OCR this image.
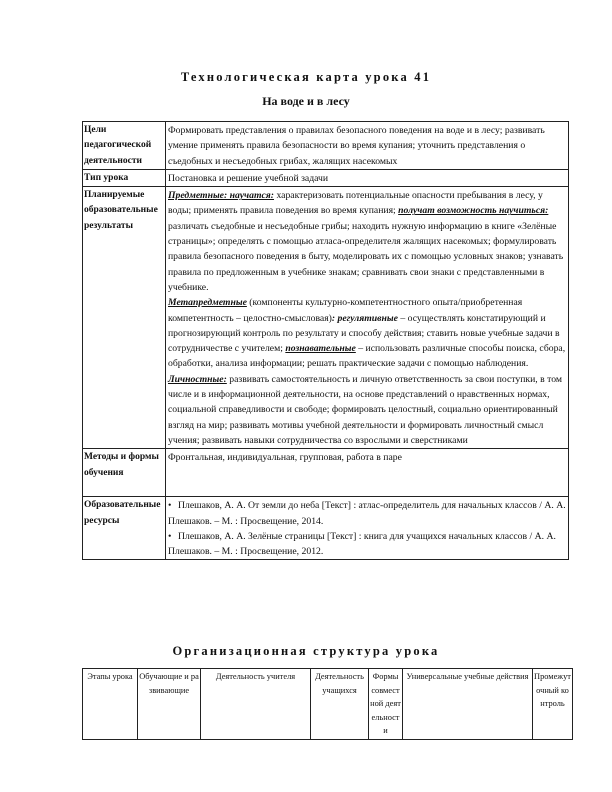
Технологическая карта урока 41
На воде и в лесу
Цели педагогической деятельности	Формировать представления о правилах безопасного поведения на воде и в лесу; развивать умение применять правила безопасности во время купания; уточнить представления о съедобных и несъедобных грибах, жалящих насекомых
Тип урока	Постановка и решение учебной задачи
Планируемые образовательные результаты	Предметные: научатся: характеризовать потенциальные опасности пребывания в лесу, у воды; применять правила поведения во время купания; получат возможность научиться: различать съедобные и несъедобные грибы; находить нужную информацию в книге «Зелёные страницы»; определять с помощью атласа-определителя жалящих насекомых; формулировать правила безопасного поведения в быту, моделировать их с помощью условных знаков; узнавать правила по предложенным в учебнике знакам; сравнивать свои знаки с представленными в учебнике.
Метапредметные (компоненты культурно-компетентностного опыта/приобретенная компетентность – целостно-смысловая): регулятивные – осуществлять констатирующий и прогнозирующий контроль по результату и способу действия; ставить новые учебные задачи в сотрудничестве с учителем; познавательные – использовать различные способы поиска, сбора, обработки, анализа информации; решать практические задачи с помощью наблюдения.
Личностные: развивать самостоятельность и личную ответственность за свои поступки, в том числе и в информационной деятельности, на основе представлений о нравственных нормах, социальной справедливости и свободе; формировать целостный, социально ориентированный взгляд на мир; развивать мотивы учебной деятельности и формировать личностный смысл учения; развивать навыки сотрудничества со взрослыми и сверстниками

Методы и формы обучения	Фронтальная, индивидуальная, групповая, работа в паре
Образовательные ресурсы	• Плешаков, А. А. От земли до неба [Текст] : атлас-определитель для начальных классов / А. А. Плешаков. – М. : Просвещение, 2014.
• Плешаков, А. А. Зелёные страницы [Текст] : книга для учащихся начальных классов / А. А. Плешаков. – М. : Просвещение, 2012.
Организационная структура урока
Этапы урока	Обучающие и развивающие	Деятельность учителя	Деятельность учащихся	Формы совместной деятельности	Универсальные учебные действия	Промежуточный контроль
